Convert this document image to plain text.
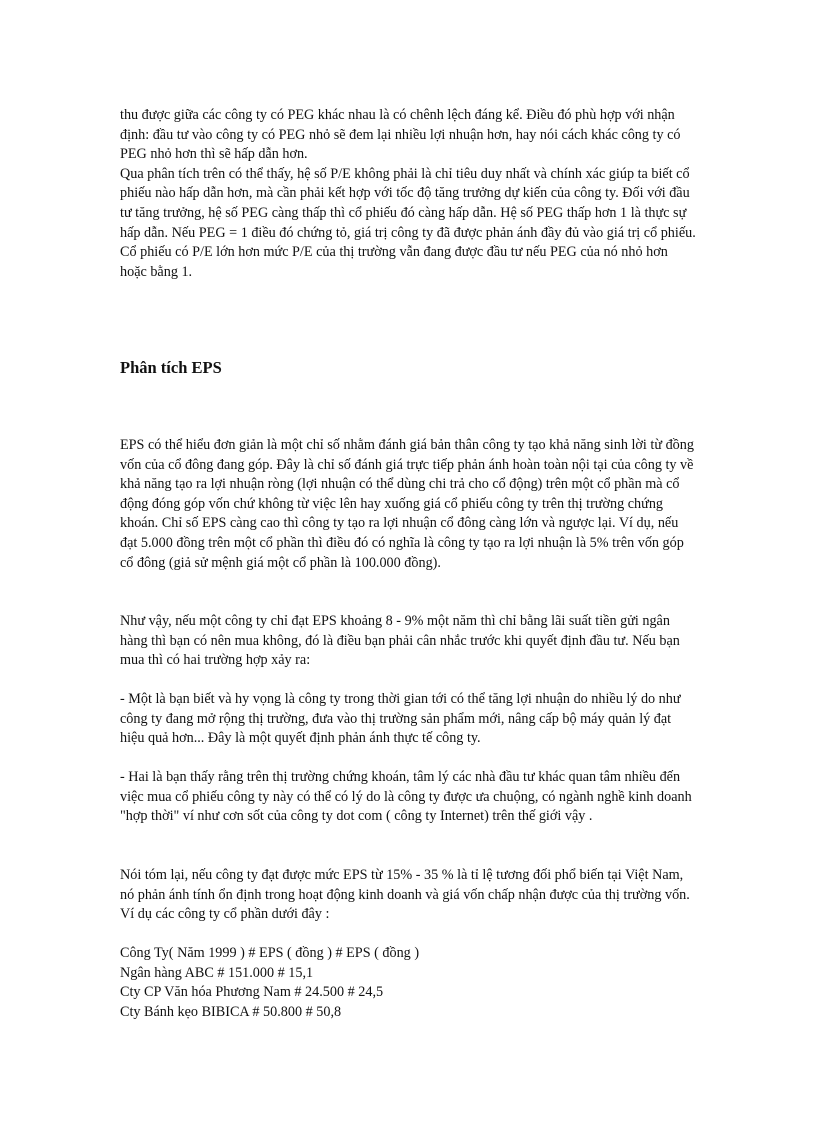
thu được giữa các công ty có PEG khác nhau là có chênh lệch đáng kể. Điều đó phù hợp với nhận định: đầu tư vào công ty có PEG nhỏ sẽ đem lại nhiều lợi nhuận hơn, hay nói cách khác công ty có PEG nhỏ hơn thì sẽ hấp dẫn hơn.

Qua phân tích trên có thể thấy, hệ số P/E không phải là chỉ tiêu duy nhất và chính xác giúp ta biết cổ phiếu nào hấp dẫn hơn, mà cần phải kết hợp với tốc độ tăng trưởng dự kiến của công ty. Đối với đầu tư tăng trưởng, hệ số PEG càng thấp thì cổ phiếu đó càng hấp dẫn. Hệ số PEG thấp hơn 1 là thực sự hấp dẫn. Nếu PEG = 1 điều đó chứng tỏ, giá trị công ty đã được phản ánh đầy đủ vào giá trị cổ phiếu. Cổ phiếu có P/E lớn hơn mức P/E của thị trường vẫn đang được đầu tư nếu PEG của nó nhỏ hơn hoặc bằng 1.

Phân tích EPS

EPS có thể hiểu đơn giản là một chỉ số nhằm đánh giá bản thân công ty tạo khả năng sinh lời từ đồng vốn của cổ đông đang góp. Đây là chỉ số đánh giá trực tiếp phản ánh hoàn toàn nội tại của công ty về khả năng tạo ra lợi nhuận ròng (lợi nhuận có thể dùng chi trả cho cổ động) trên một cổ phần mà cổ động đóng góp vốn chứ không từ việc lên hay xuống giá cổ phiếu công ty trên thị trường chứng khoán. Chỉ số EPS càng cao thì công ty tạo ra lợi nhuận cổ đông càng lớn và ngược lại. Ví dụ, nếu đạt 5.000 đồng trên một cổ phần thì điều đó có nghĩa là công ty tạo ra lợi nhuận là 5% trên vốn góp cổ đông (giả sử mệnh giá một cổ phần là 100.000 đồng).

Như vậy, nếu một công ty chỉ đạt EPS khoảng 8 - 9% một năm thì chỉ bằng lãi suất tiền gửi ngân hàng thì bạn có nên mua không, đó là điều bạn phải cân nhắc trước khi quyết định đầu tư. Nếu bạn mua thì có hai trường hợp xảy ra:

- Một là bạn biết và hy vọng là công ty trong thời gian tới có thể tăng lợi nhuận do nhiều lý do như công ty đang mở rộng thị trường, đưa vào thị trường sản phẩm mới, nâng cấp bộ máy quản lý đạt hiệu quả hơn... Đây là một quyết định phản ánh thực tế công ty.

- Hai là bạn thấy rằng trên thị trường chứng khoán, tâm lý các nhà đầu tư khác quan tâm nhiều đến việc mua cổ phiếu công ty này có thể có lý do là công ty được ưa chuộng, có ngành nghề kinh doanh "hợp thời" ví như cơn sốt của công ty dot com ( công ty Internet) trên thế giới vậy .

Nói tóm lại, nếu công ty đạt được mức EPS từ 15% - 35 % là tỉ lệ tương đối phổ biến tại Việt Nam, nó phản ánh tính ổn định trong hoạt động kinh doanh và giá vốn chấp nhận được của thị trường vốn. Ví dụ các công ty cổ phần dưới đây :

Công Ty( Năm 1999 ) # EPS ( đồng ) # EPS ( đồng )
Ngân hàng ABC # 151.000 # 15,1
Cty CP Văn hóa Phương Nam # 24.500 # 24,5
Cty Bánh kẹo BIBICA # 50.800 # 50,8
